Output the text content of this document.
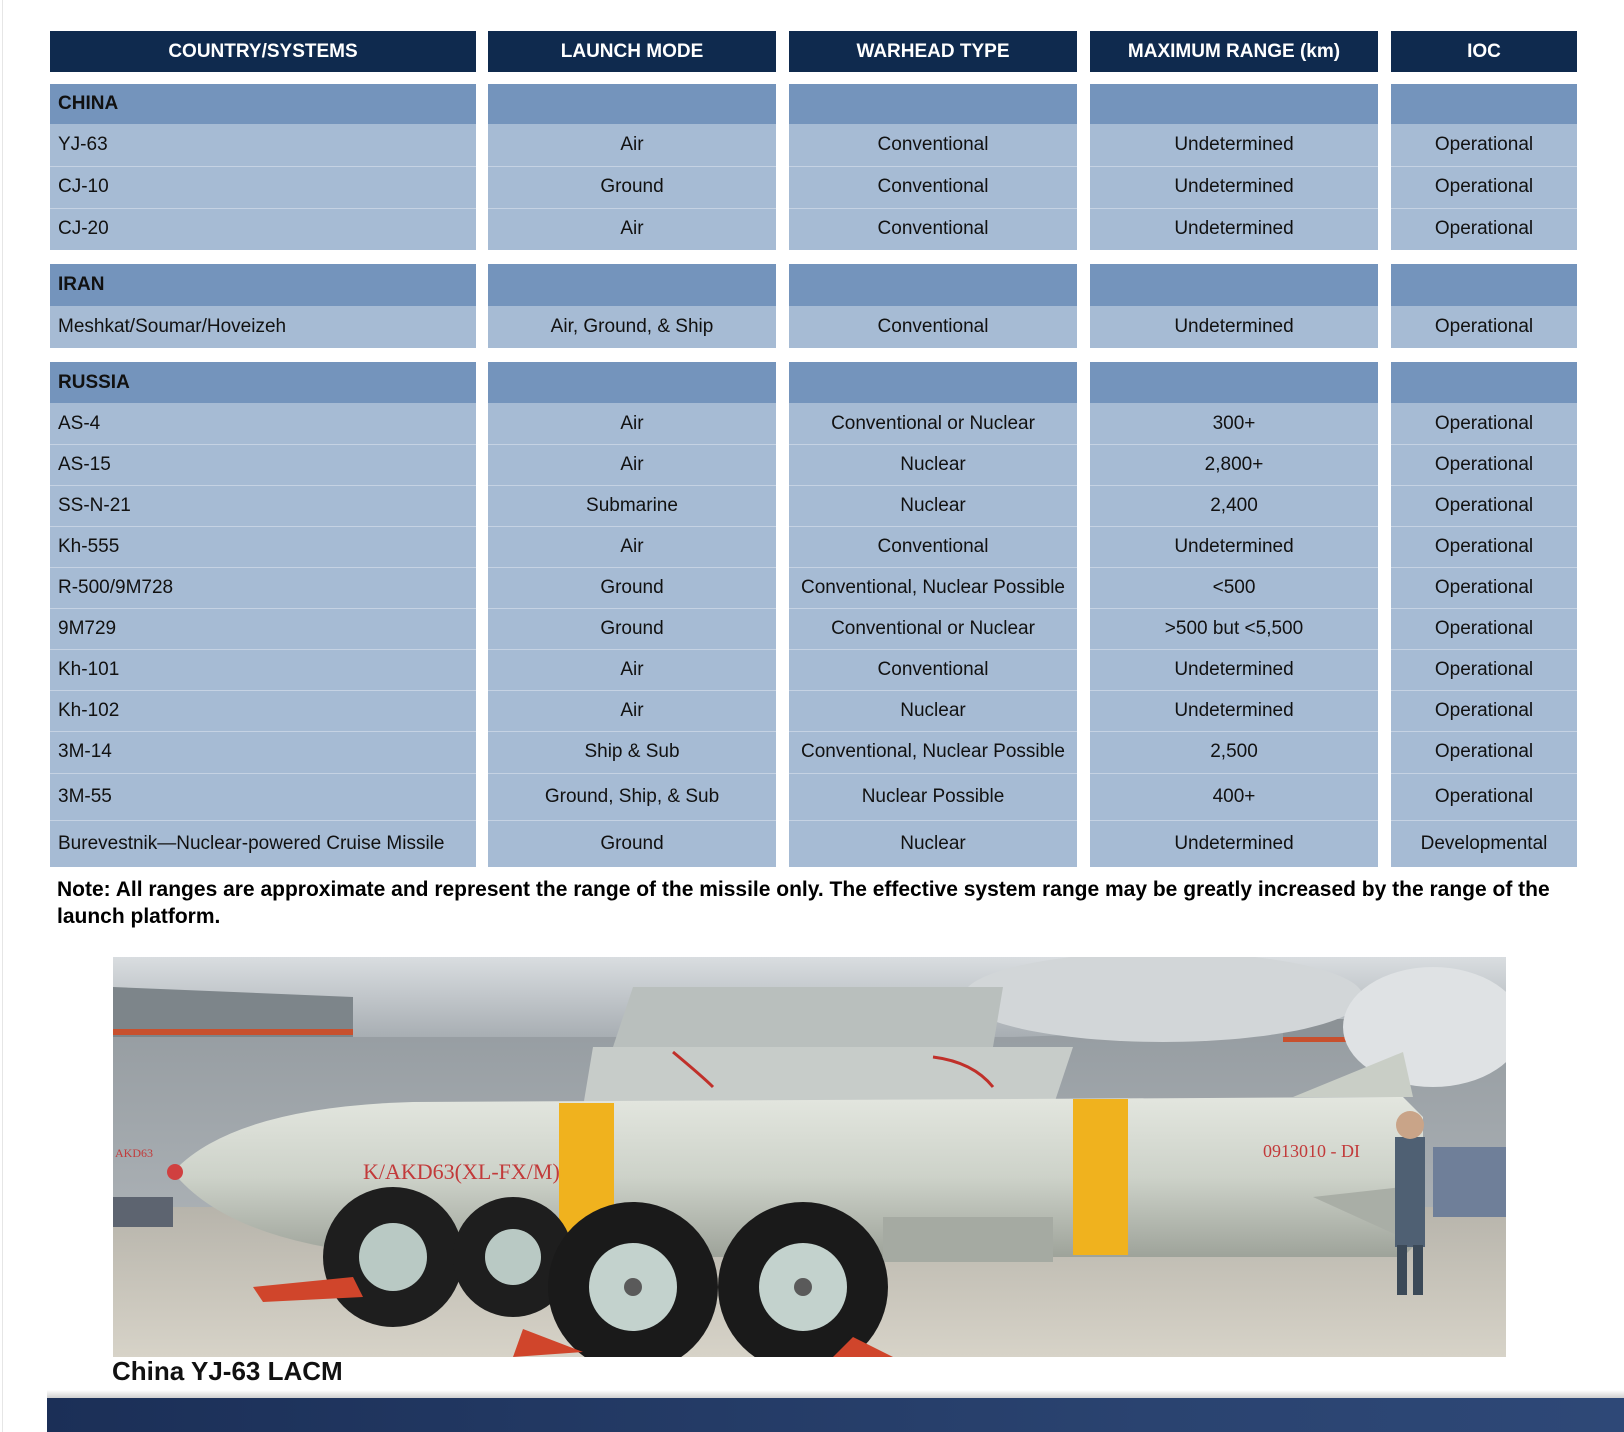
COUNTRY/SYSTEMS	LAUNCH MODE	WARHEAD TYPE	MAXIMUM RANGE (km)	IOC
CHINA
YJ-63	Air	Conventional	Undetermined	Operational
CJ-10	Ground	Conventional	Undetermined	Operational
CJ-20	Air	Conventional	Undetermined	Operational
IRAN
Meshkat/Soumar/Hoveizeh	Air, Ground, & Ship	Conventional	Undetermined	Operational
RUSSIA
AS-4	Air	Conventional or Nuclear	300+	Operational
AS-15	Air	Nuclear	2,800+	Operational
SS-N-21	Submarine	Nuclear	2,400	Operational
Kh-555	Air	Conventional	Undetermined	Operational
R-500/9M728	Ground	Conventional, Nuclear Possible	<500	Operational
9M729	Ground	Conventional or Nuclear	>500 but <5,500	Operational
Kh-101	Air	Conventional	Undetermined	Operational
Kh-102	Air	Nuclear	Undetermined	Operational
3M-14	Ship & Sub	Conventional, Nuclear Possible	2,500	Operational
3M-55	Ground, Ship, & Sub	Nuclear Possible	400+	Operational
Burevestnik—Nuclear-powered Cruise Missile	Ground	Nuclear	Undetermined	Developmental
Note: All ranges are approximate and represent the range of the missile only. The effective system range may be greatly increased by the range of the launch platform.
K/AKD63(XL-FX/M)
0913010 - DI
AKD63
China YJ-63 LACM
